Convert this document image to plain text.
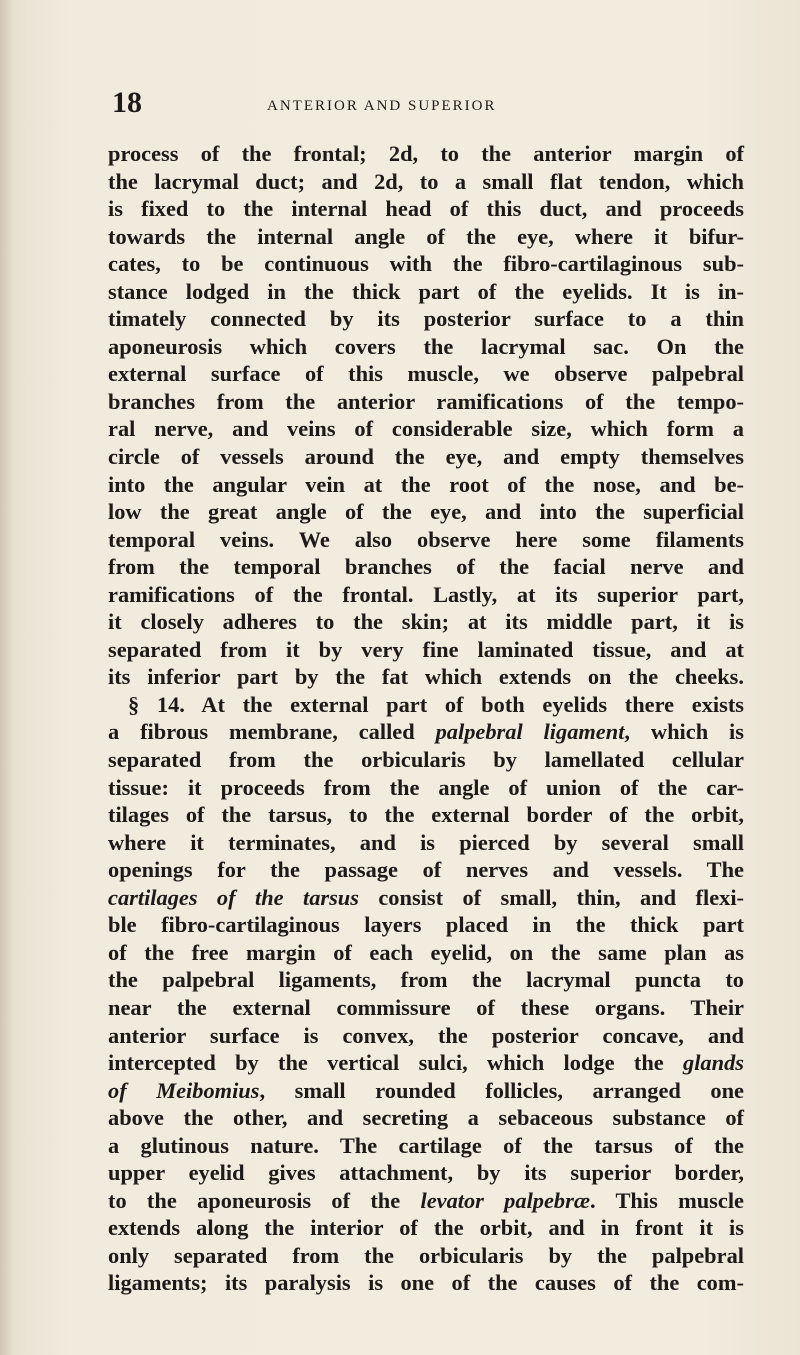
18	ANTERIOR AND SUPERIOR
process of the frontal; 2d, to the anterior margin of
the lacrymal duct; and 2d, to a small flat tendon, which
is fixed to the internal head of this duct, and proceeds
towards the internal angle of the eye, where it bifur-
cates, to be continuous with the fibro-cartilaginous sub-
stance lodged in the thick part of the eyelids. It is in-
timately connected by its posterior surface to a thin
aponeurosis which covers the lacrymal sac. On the
external surface of this muscle, we observe palpebral
branches from the anterior ramifications of the tempo-
ral nerve, and veins of considerable size, which form a
circle of vessels around the eye, and empty themselves
into the angular vein at the root of the nose, and be-
low the great angle of the eye, and into the superficial
temporal veins. We also observe here some filaments
from the temporal branches of the facial nerve and
ramifications of the frontal. Lastly, at its superior part,
it closely adheres to the skin; at its middle part, it is
separated from it by very fine laminated tissue, and at
its inferior part by the fat which extends on the cheeks.
§ 14. At the external part of both eyelids there exists
a fibrous membrane, called palpebral ligament, which is
separated from the orbicularis by lamellated cellular
tissue: it proceeds from the angle of union of the car-
tilages of the tarsus, to the external border of the orbit,
where it terminates, and is pierced by several small
openings for the passage of nerves and vessels. The
cartilages of the tarsus consist of small, thin, and flexi-
ble fibro-cartilaginous layers placed in the thick part
of the free margin of each eyelid, on the same plan as
the palpebral ligaments, from the lacrymal puncta to
near the external commissure of these organs. Their
anterior surface is convex, the posterior concave, and
intercepted by the vertical sulci, which lodge the glands
of Meibomius, small rounded follicles, arranged one
above the other, and secreting a sebaceous substance of
a glutinous nature. The cartilage of the tarsus of the
upper eyelid gives attachment, by its superior border,
to the aponeurosis of the levator palpebræ. This muscle
extends along the interior of the orbit, and in front it is
only separated from the orbicularis by the palpebral
ligaments; its paralysis is one of the causes of the com-
